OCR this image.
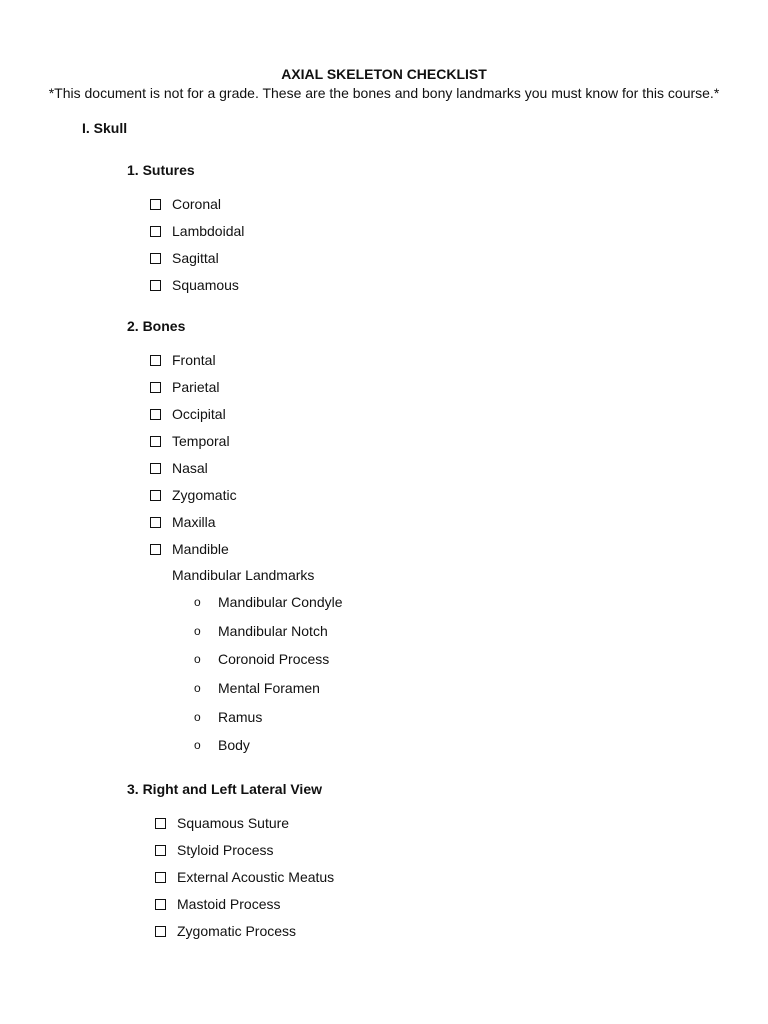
AXIAL SKELETON CHECKLIST
*This document is not for a grade. These are the bones and bony landmarks you must know for this course.*
I. Skull
1. Sutures
Coronal
Lambdoidal
Sagittal
Squamous
2. Bones
Frontal
Parietal
Occipital
Temporal
Nasal
Zygomatic
Maxilla
Mandible
Mandibular Landmarks
o	Mandibular Condyle
o	Mandibular Notch
o	Coronoid Process
o	Mental Foramen
o	Ramus
o	Body
3. Right and Left Lateral View
Squamous Suture
Styloid Process
External Acoustic Meatus
Mastoid Process
Zygomatic Process
